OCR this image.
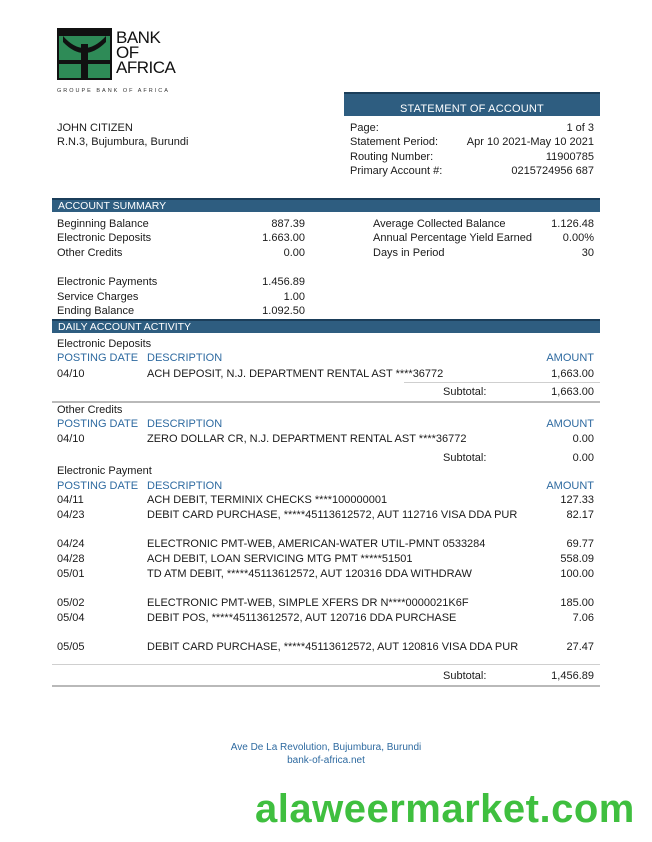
BANK
OF
AFRICA
GROUPE BANK OF AFRICA
JOHN CITIZEN
R.N.3, Bujumbura, Burundi
STATEMENT OF ACCOUNT
Page:	1 of 3
Statement Period:	Apr 10 2021-May 10 2021
Routing Number:	11900785
Primary Account #:	0215724956 687
ACCOUNT SUMMARY
Beginning Balance	887.39
Electronic Deposits	1.663.00
Other Credits	0.00
Electronic Payments	1.456.89
Service Charges	1.00
Ending Balance	1.092.50
Average Collected Balance	1.126.48
Annual Percentage Yield Earned	0.00%
Days in Period	30
DAILY ACCOUNT ACTIVITY
Electronic Deposits
POSTING DATE DESCRIPTION	AMOUNT
04/10	ACH DEPOSIT, N.J. DEPARTMENT RENTAL AST ****36772	1,663.00
Subtotal:	1,663.00
Other Credits
POSTING DATE DESCRIPTION	AMOUNT
04/10	ZERO DOLLAR CR, N.J. DEPARTMENT RENTAL AST ****36772	0.00
Subtotal:	0.00
Electronic Payment
POSTING DATE DESCRIPTION	AMOUNT
04/11	ACH DEBIT, TERMINIX CHECKS ****100000001	127.33
04/23	DEBIT CARD PURCHASE, *****45113612572, AUT 112716 VISA DDA PUR	82.17
04/24	ELECTRONIC PMT-WEB, AMERICAN-WATER UTIL-PMNT 0533284	69.77
04/28	ACH DEBIT, LOAN SERVICING MTG PMT *****51501	558.09
05/01	TD ATM DEBIT, *****45113612572, AUT 120316 DDA WITHDRAW	100.00
05/02	ELECTRONIC PMT-WEB, SIMPLE XFERS DR N****0000021K6F	185.00
05/04	DEBIT POS, *****45113612572, AUT 120716 DDA PURCHASE	7.06
05/05	DEBIT CARD PURCHASE, *****45113612572, AUT 120816 VISA DDA PUR	27.47
Subtotal:	1,456.89
Ave De La Revolution, Bujumbura, Burundi
bank-of-africa.net
alaweermarket.com
